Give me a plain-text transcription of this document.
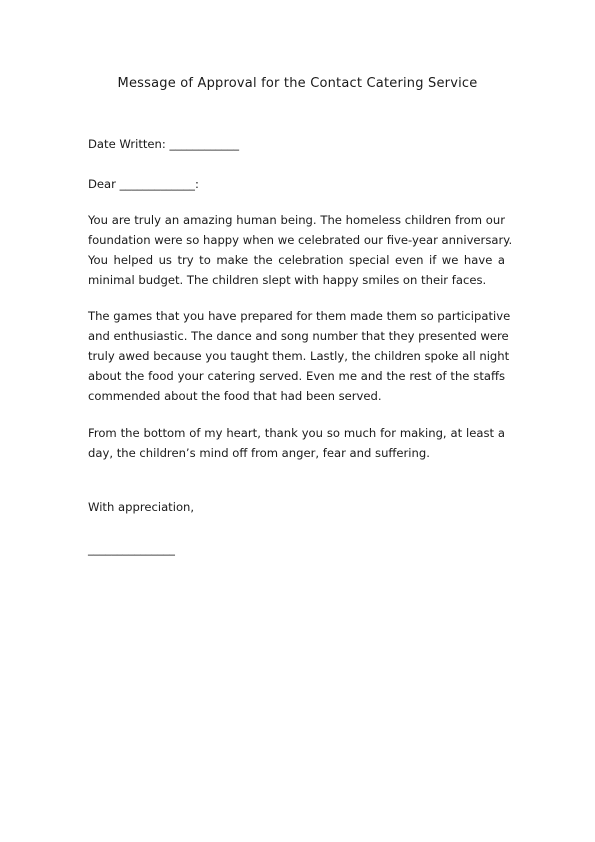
Message of Approval for the Contact Catering Service
Date Written: ____________
Dear _____________:
You are truly an amazing human being. The homeless children from our
foundation were so happy when we celebrated our five-year anniversary.
You helped us try to make the celebration special even if we have a
minimal budget. The children slept with happy smiles on their faces.
The games that you have prepared for them made them so participative
and enthusiastic. The dance and song number that they presented were
truly awed because you taught them. Lastly, the children spoke all night
about the food your catering served. Even me and the rest of the staffs
commended about the food that had been served.
From the bottom of my heart, thank you so much for making, at least a
day, the children’s mind off from anger, fear and suffering.
With appreciation,
_______________
